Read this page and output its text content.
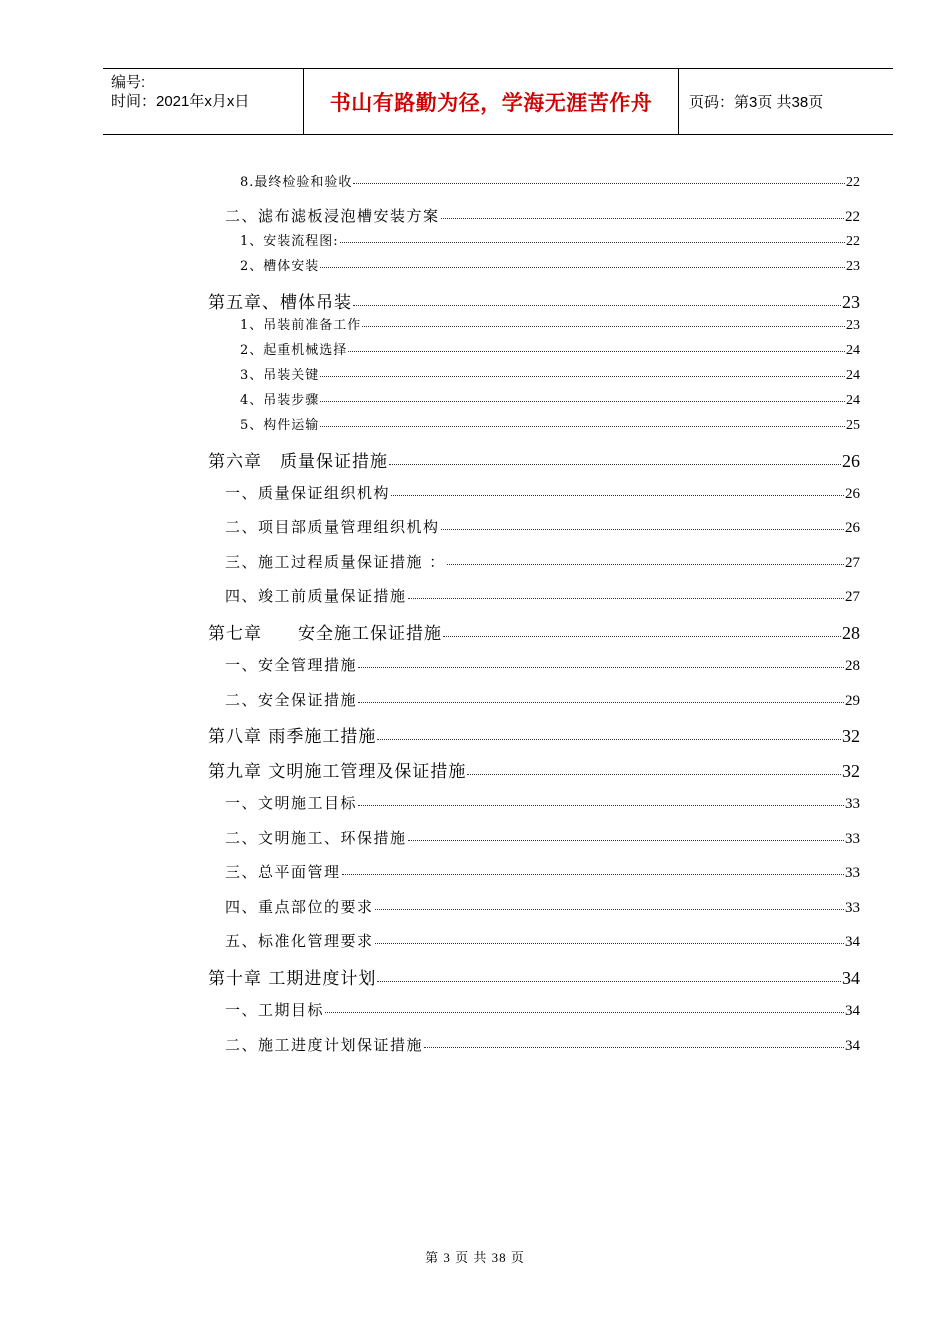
编号:
时间：2021年x月x日	书山有路勤为径，学海无涯苦作舟	页码：第3页 共38页
8.最终检验和验收	22
二、滤布滤板浸泡槽安装方案	22
1、安装流程图:	22
2、槽体安装	23
第五章、槽体吊装	23
1、吊装前准备工作	23
2、起重机械选择	24
3、吊装关键	24
4、吊装步骤	24
5、构件运输	25
第六章　质量保证措施	26
一、质量保证组织机构	26
二、项目部质量管理组织机构	26
三、施工过程质量保证措施 ：	27
四、竣工前质量保证措施	27
第七章　　安全施工保证措施	28
一、安全管理措施	28
二、安全保证措施	29
第八章 雨季施工措施	32
第九章 文明施工管理及保证措施	32
一、文明施工目标	33
二、文明施工、环保措施	33
三、总平面管理	33
四、重点部位的要求	33
五、标准化管理要求	34
第十章 工期进度计划	34
一、工期目标	34
二、施工进度计划保证措施	34
第 3 页 共 38 页
